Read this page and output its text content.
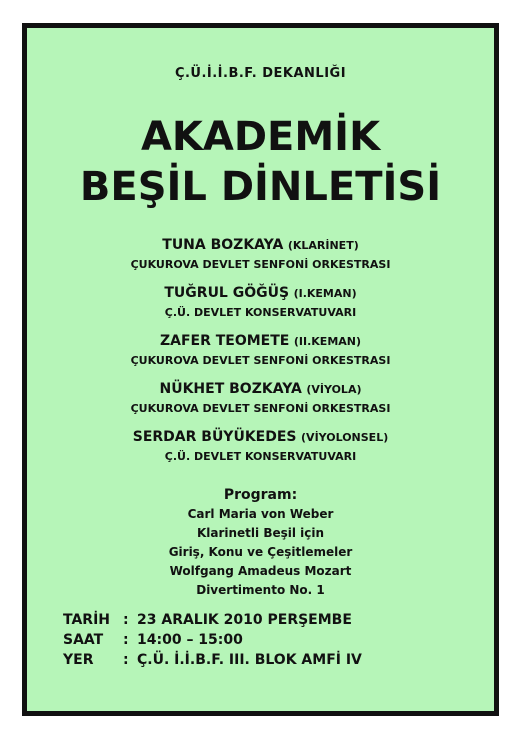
Ç.Ü.İ.İ.B.F. DEKANLIĞI
AKADEMİK
BEŞİL DİNLETİSİ
TUNA BOZKAYA (KLARİNET)
ÇUKUROVA DEVLET SENFONİ ORKESTRASI
TUĞRUL GÖĞÜŞ (I.KEMAN)
Ç.Ü. DEVLET KONSERVATUVARI
ZAFER TEOMETE (II.KEMAN)
ÇUKUROVA DEVLET SENFONİ ORKESTRASI
NÜKHET BOZKAYA (VİYOLA)
ÇUKUROVA DEVLET SENFONİ ORKESTRASI
SERDAR BÜYÜKEDES (VİYOLONSEL)
Ç.Ü. DEVLET KONSERVATUVARI
Program:
Carl Maria von Weber
Klarinetli Beşil için
Giriş, Konu ve Çeşitlemeler
Wolfgang Amadeus Mozart
Divertimento No. 1
TARİH : 23 ARALIK 2010 PERŞEMBE
SAAT	: 14:00 – 15:00
YER	: Ç.Ü. İ.İ.B.F. III. BLOK AMFİ IV
